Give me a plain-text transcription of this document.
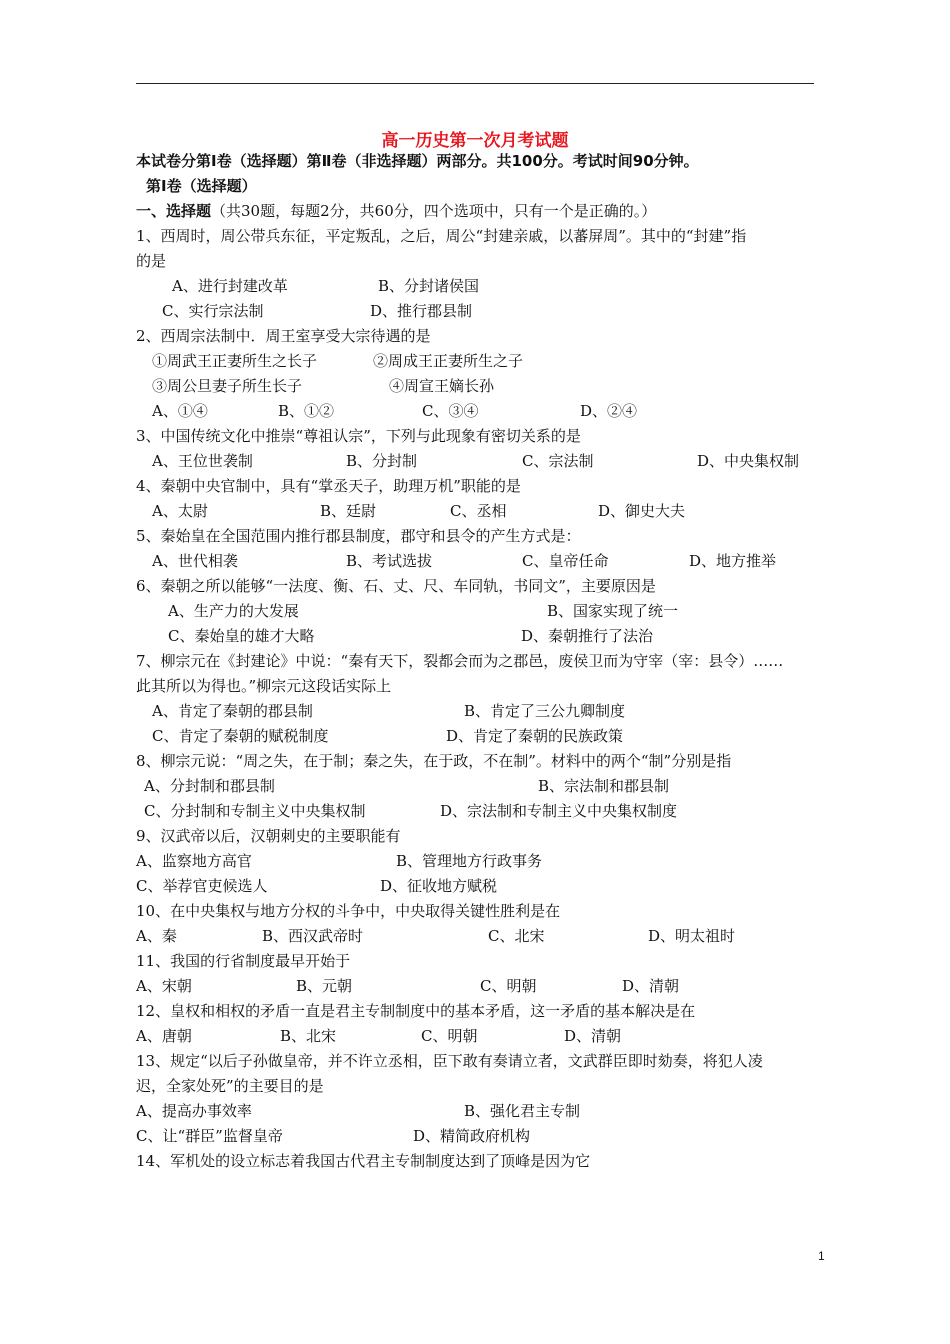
高一历史第一次月考试题
本试卷分第Ⅰ卷（选择题）第Ⅱ卷（非选择题）两部分。共100分。考试时间90分钟。
第Ⅰ卷（选择题）
一、选择题（共30题，每题2分，共60分，四个选项中，只有一个是正确的。）
1、西周时，周公带兵东征，平定叛乱，之后，周公“封建亲戚，以蕃屏周”。其中的“封建”指
的是
A、进行封建改革	B、分封诸侯国
C、实行宗法制	D、推行郡县制
2、西周宗法制中．周王室享受大宗待遇的是
①周武王正妻所生之长子	②周成王正妻所生之子
③周公旦妻子所生长子	④周宣王嫡长孙
A、①④	B、①②	C、③④	D、②④
3、中国传统文化中推崇“尊祖认宗”，下列与此现象有密切关系的是
A、王位世袭制	B、分封制	C、宗法制	D、中央集权制
4、秦朝中央官制中，具有“掌丞天子，助理万机”职能的是
A、太尉	B、廷尉	C、丞相	D、御史大夫
5、秦始皇在全国范围内推行郡县制度，郡守和县令的产生方式是：
A、世代相袭	B、考试选拔	C、皇帝任命	D、地方推举
6、秦朝之所以能够“一法度、衡、石、丈、尺、车同轨，书同文”，主要原因是
A、生产力的大发展	B、国家实现了统一
C、秦始皇的雄才大略	D、秦朝推行了法治
7、柳宗元在《封建论》中说：“秦有天下，裂都会而为之郡邑，废侯卫而为守宰（宰：县令）……
此其所以为得也。”柳宗元这段话实际上
A、肯定了秦朝的郡县制	B、肯定了三公九卿制度
C、肯定了秦朝的赋税制度	D、肯定了秦朝的民族政策
8、柳宗元说：“周之失，在于制；秦之失，在于政，不在制”。材料中的两个“制”分别是指
A、分封制和郡县制	B、宗法制和郡县制
C、分封制和专制主义中央集权制	D、宗法制和专制主义中央集权制度
9、汉武帝以后，汉朝刺史的主要职能有
A、监察地方高官	B、管理地方行政事务
C、举荐官吏候选人	D、征收地方赋税
10、在中央集权与地方分权的斗争中，中央取得关键性胜利是在
A、秦	B、西汉武帝时	C、北宋	D、明太祖时
11、我国的行省制度最早开始于
A、宋朝	B、元朝	C、明朝	D、清朝
12、皇权和相权的矛盾一直是君主专制制度中的基本矛盾，这一矛盾的基本解决是在
A、唐朝	B、北宋	C、明朝	D、清朝
13、规定“以后子孙做皇帝，并不许立丞相，臣下敢有奏请立者，文武群臣即时劾奏，将犯人凌
迟，全家处死”的主要目的是
A、提高办事效率	B、强化君主专制
C、让“群臣”监督皇帝	D、精简政府机构
14、军机处的设立标志着我国古代君主专制制度达到了顶峰是因为它
1
